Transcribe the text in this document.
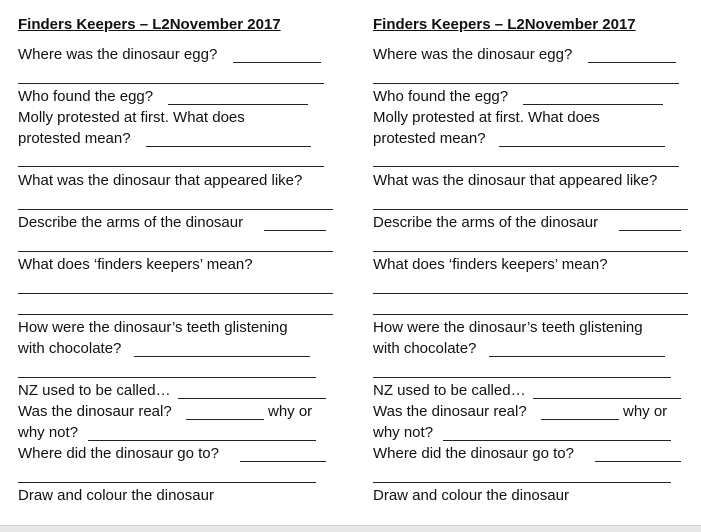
Finders Keepers – L2November 2017
Where was the dinosaur egg?
Who found the egg?
Molly protested at first. What does
protested mean?
What was the dinosaur that appeared like?
Describe the arms of the dinosaur
What does ‘finders keepers’ mean?
How were the dinosaur’s teeth glistening
with chocolate?
NZ used to be called…
Was the dinosaur real?	why or
why not?
Where did the dinosaur go to?
Draw and colour the dinosaur
Finders Keepers – L2November 2017
Where was the dinosaur egg?
Who found the egg?
Molly protested at first. What does
protested mean?
What was the dinosaur that appeared like?
Describe the arms of the dinosaur
What does ‘finders keepers’ mean?
How were the dinosaur’s teeth glistening
with chocolate?
NZ used to be called…
Was the dinosaur real?	why or
why not?
Where did the dinosaur go to?
Draw and colour the dinosaur
